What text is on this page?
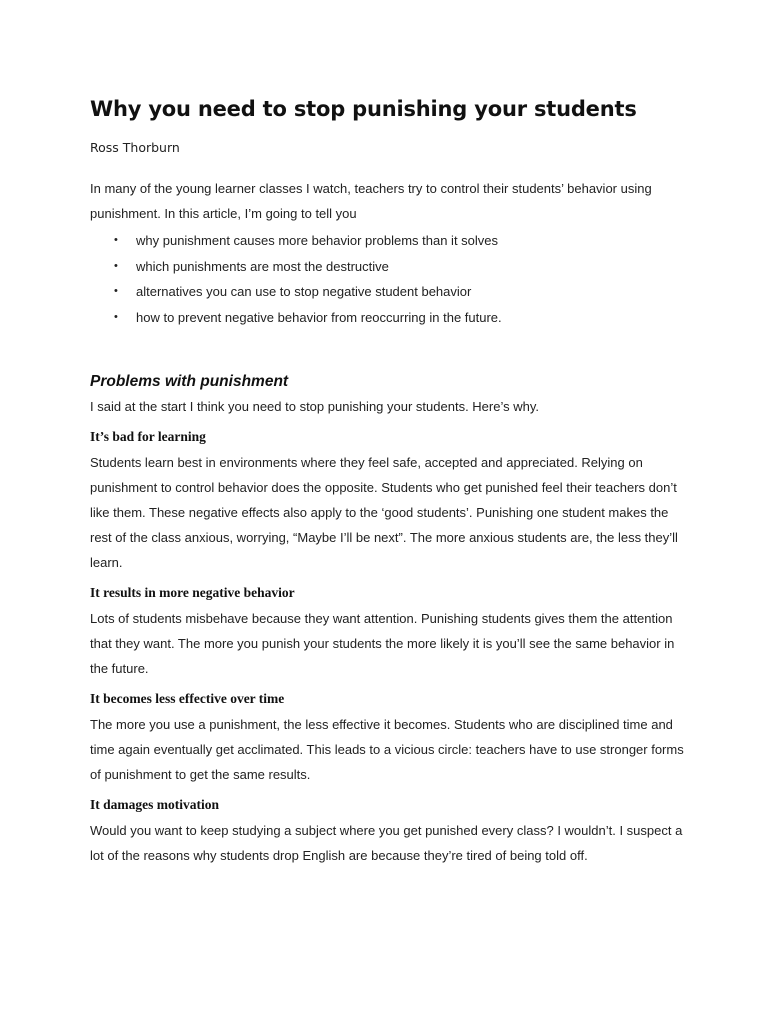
Why you need to stop punishing your students
Ross Thorburn

In many of the young learner classes I watch, teachers try to control their students’ behavior using punishment. In this article, I’m going to tell you

• why punishment causes more behavior problems than it solves
• which punishments are most the destructive
• alternatives you can use to stop negative student behavior
• how to prevent negative behavior from reoccurring in the future.
Problems with punishment

I said at the start I think you need to stop punishing your students. Here’s why.

It’s bad for learning

Students learn best in environments where they feel safe, accepted and appreciated. Relying on punishment to control behavior does the opposite. Students who get punished feel their teachers don’t like them. These negative effects also apply to the ‘good students’. Punishing one student makes the rest of the class anxious, worrying, “Maybe I’ll be next”. The more anxious students are, the less they’ll learn.

It results in more negative behavior

Lots of students misbehave because they want attention. Punishing students gives them the attention that they want. The more you punish your students the more likely it is you’ll see the same behavior in the future.

It becomes less effective over time

The more you use a punishment, the less effective it becomes. Students who are disciplined time and time again eventually get acclimated. This leads to a vicious circle: teachers have to use stronger forms of punishment to get the same results.

It damages motivation

Would you want to keep studying a subject where you get punished every class? I wouldn’t. I suspect a lot of the reasons why students drop English are because they’re tired of being told off.
